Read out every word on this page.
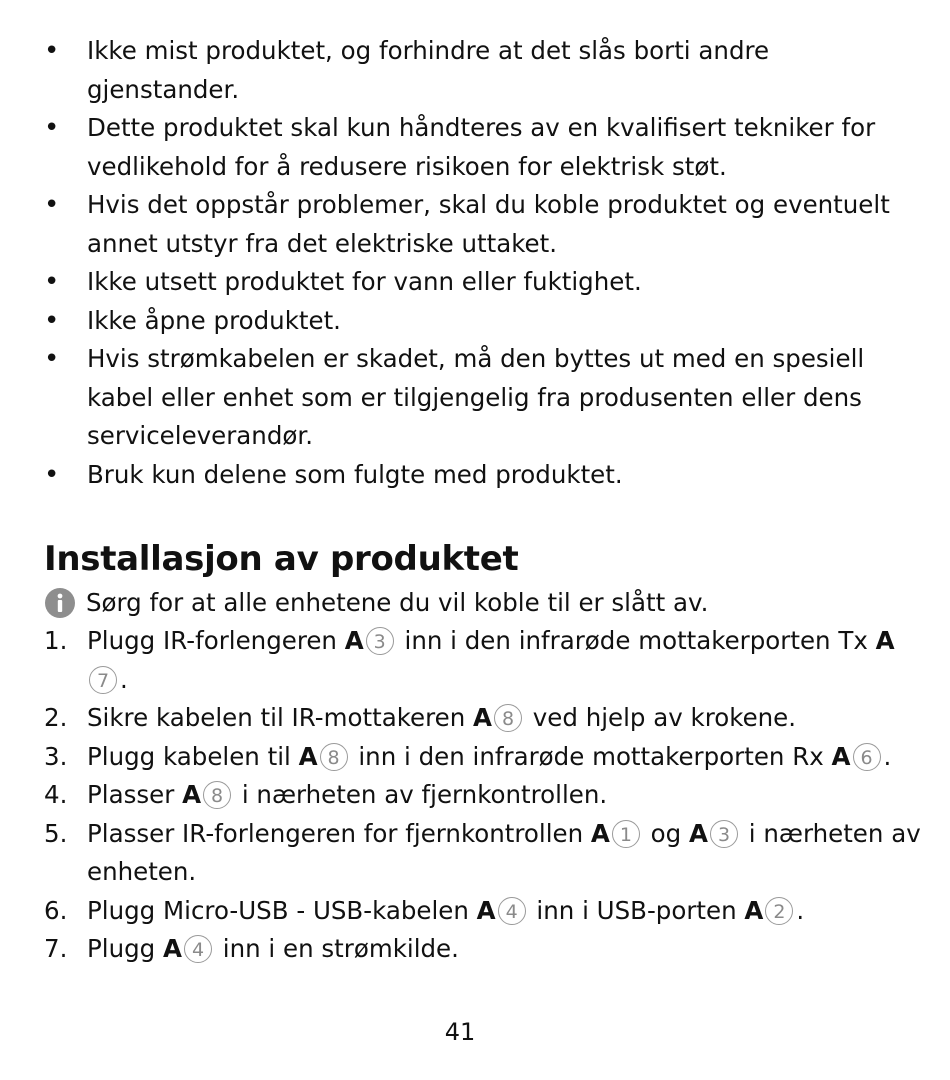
•	Ikke mist produktet, og forhindre at det slås borti andre gjenstander.
•	Dette produktet skal kun håndteres av en kvalifisert tekniker for vedlikehold for å redusere risikoen for elektrisk støt.
•	Hvis det oppstår problemer, skal du koble produktet og eventuelt annet utstyr fra det elektriske uttaket.
•	Ikke utsett produktet for vann eller fuktighet.
•	Ikke åpne produktet.
•	Hvis strømkabelen er skadet, må den byttes ut med en spesiell kabel eller enhet som er tilgjengelig fra produsenten eller dens serviceleverandør.
•	Bruk kun delene som fulgte med produktet.
Installasjon av produktet
Sørg for at alle enhetene du vil koble til er slått av.
1. Plugg IR-forlengeren A 3 inn i den infrarøde mottakerporten Tx A7 .
2. Sikre kabelen til IR-mottakeren A 8 ved hjelp av krokene.
3. Plugg kabelen til A 8 inn i den infrarøde mottakerporten Rx A 6 .
4. Plasser A 8 i nærheten av fjernkontrollen.
5. Plasser IR-forlengeren for fjernkontrollen A 1 og A 3 i nærheten av enheten.
6. Plugg Micro-USB - USB-kabelen A 4 inn i USB-porten A 2 .
7. Plugg A 4 inn i en strømkilde.
41
